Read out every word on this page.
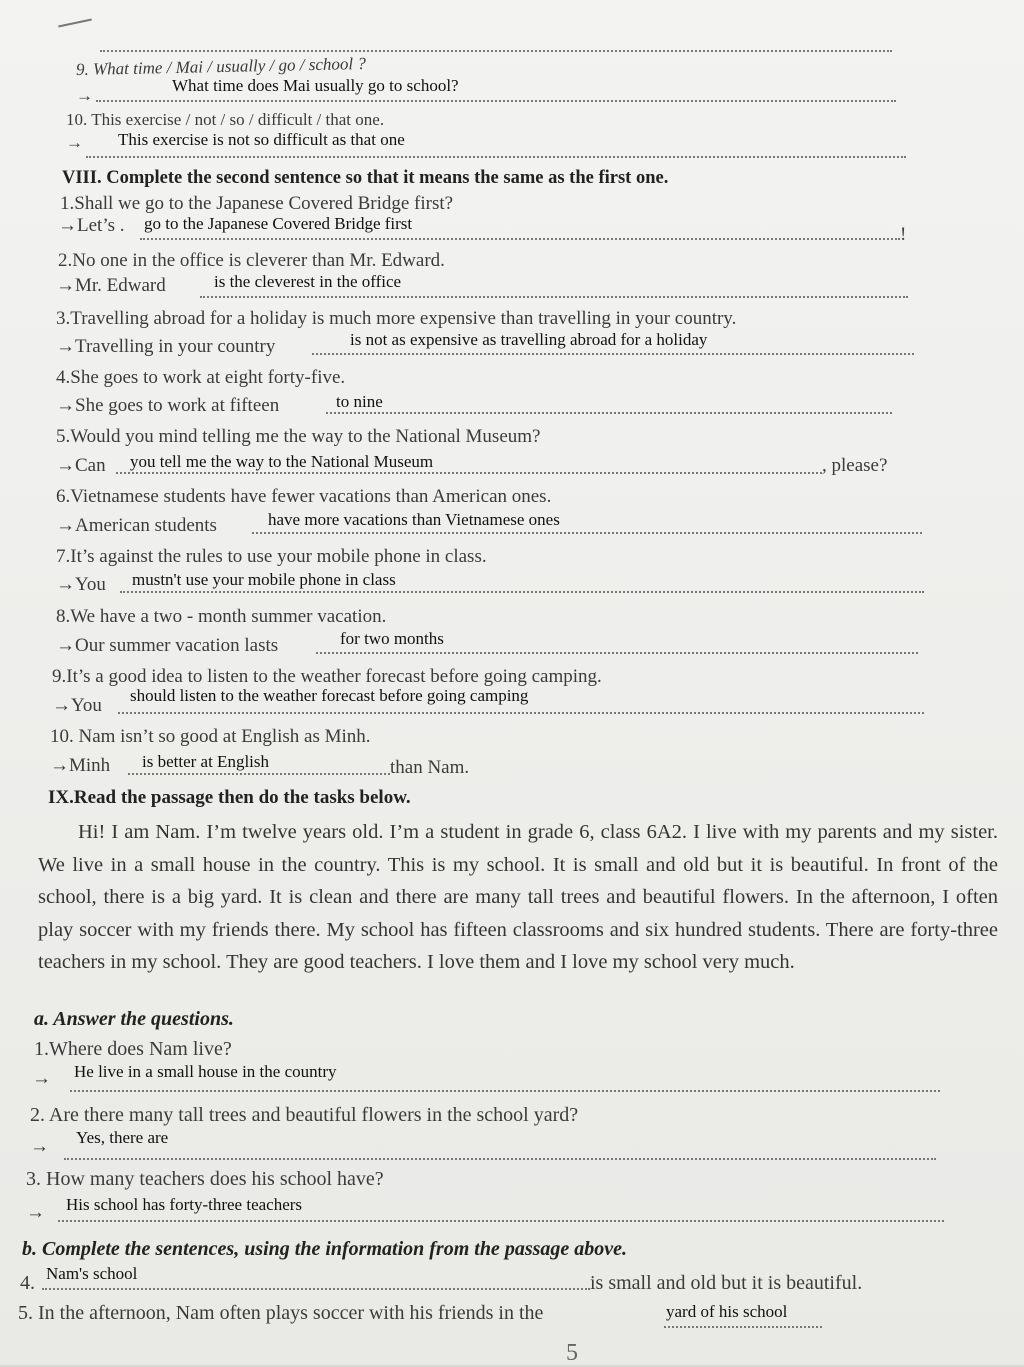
9. What time / Mai / usually / go / school ?
→
What time does Mai usually go to school?
10. This exercise / not / so / difficult / that one.
→ This exercise is not so difficult as that one
VIII. Complete the second sentence so that it means the same as the first one.
1.Shall we go to the Japanese Covered Bridge first?
→Let’s . go to the Japanese Covered Bridge first
!
2.No one in the office is cleverer than Mr. Edward.
→Mr. Edward	is the cleverest in the office
3.Travelling abroad for a holiday is much more expensive than travelling in your country.
→Travelling in your country	is not as expensive as travelling abroad for a holiday
4.She goes to work at eight forty-five.
→She goes to work at fifteen	to nine
5.Would you mind telling me the way to the National Museum?
→Can you tell me the way to the National Museum	, please?
6.Vietnamese students have fewer vacations than American ones.
→American students	have more vacations than Vietnamese ones
7.It’s against the rules to use your mobile phone in class.
→You mustn't use your mobile phone in class
8.We have a two - month summer vacation.
→Our summer vacation lasts	for two months
9.It’s a good idea to listen to the weather forecast before going camping.
→You should listen to the weather forecast before going camping
10. Nam isn’t so good at English as Minh.
→Minh is better at English	than Nam.
IX.Read the passage then do the tasks below.

Hi! I am Nam. I’m twelve years old. I’m a student in grade 6, class 6A2. I live with my parents and my sister. We live in a small house in the country. This is my school. It is small and old but it is beautiful. In front of the school, there is a big yard. It is clean and there are many tall trees and beautiful flowers. In the afternoon, I often play soccer with my friends there. My school has fifteen classrooms and six hundred students. There are forty-three teachers in my school. They are good teachers. I love them and I love my school very much.

a. Answer the questions.
1.Where does Nam live?
→ He live in a small house in the country
2. Are there many tall trees and beautiful flowers in the school yard?
→ Yes, there are
3. How many teachers does his school have?
→ His school has forty-three teachers
b. Complete the sentences, using the information from the passage above.
4. Nam's school	is small and old but it is beautiful.
5. In the afternoon, Nam often plays soccer with his friends in the	yard of his school
5
